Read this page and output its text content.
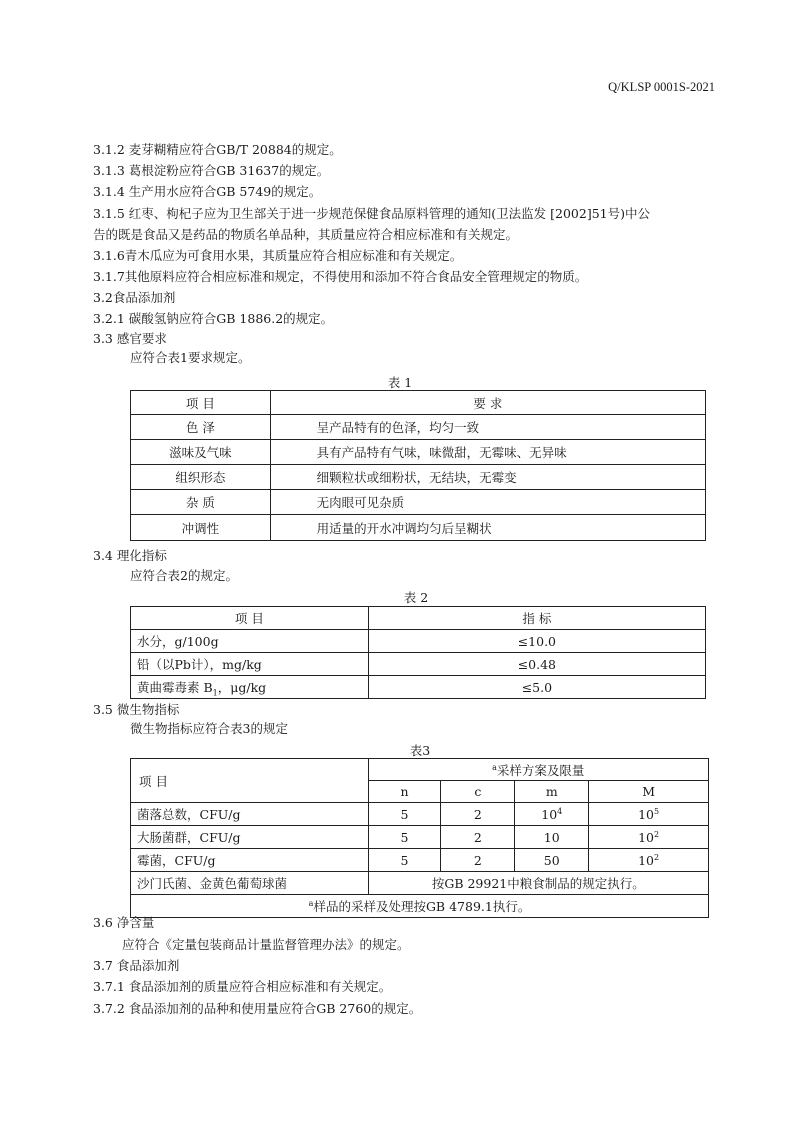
Q/KLSP 0001S-2021
3.1.2 麦芽糊精应符合GB/T 20884的规定。
3.1.3 葛根淀粉应符合GB 31637的规定。
3.1.4 生产用水应符合GB 5749的规定。
3.1.5 红枣、枸杞子应为卫生部关于进一步规范保健食品原料管理的通知(卫法监发 [2002]51号)中公
告的既是食品又是药品的物质名单品种，其质量应符合相应标准和有关规定。
3.1.6青木瓜应为可食用水果，其质量应符合相应标准和有关规定。
3.1.7其他原料应符合相应标准和规定，不得使用和添加不符合食品安全管理规定的物质。
3.2食品添加剂
3.2.1 碳酸氢钠应符合GB 1886.2的规定。
3.3 感官要求
应符合表1要求规定。
表 1
项 目	要 求
色 泽	呈产品特有的色泽，均匀一致
滋味及气味	具有产品特有气味，味微甜，无霉味、无异味
组织形态	细颗粒状或细粉状，无结块，无霉变
杂 质	无肉眼可见杂质
冲调性	用适量的开水冲调均匀后呈糊状
3.4 理化指标
应符合表2的规定。
表 2
项 目	指 标
水分，g/100g	≤10.0
铅（以Pb计），mg/kg	≤0.48
黄曲霉毒素 $B_1$，μg/kg	≤5.0
3.5 微生物指标
微生物指标应符合表3的规定
表3
项 目	$^a$采样方案及限量			
	n	c	m	M
菌落总数，CFU/g	5	2	$10^4$	$10^5$
大肠菌群，CFU/g	5	2	10	$10^2$
霉菌，CFU/g	5	2	50	$10^2$
沙门氏菌、金黄色葡萄球菌	按GB 29921中粮食制品的规定执行。			
$^a$样品的采样及处理按GB 4789.1执行。				
3.6 净含量
应符合《定量包装商品计量监督管理办法》的规定。
3.7 食品添加剂
3.7.1 食品添加剂的质量应符合相应标准和有关规定。
3.7.2 食品添加剂的品种和使用量应符合GB 2760的规定。
